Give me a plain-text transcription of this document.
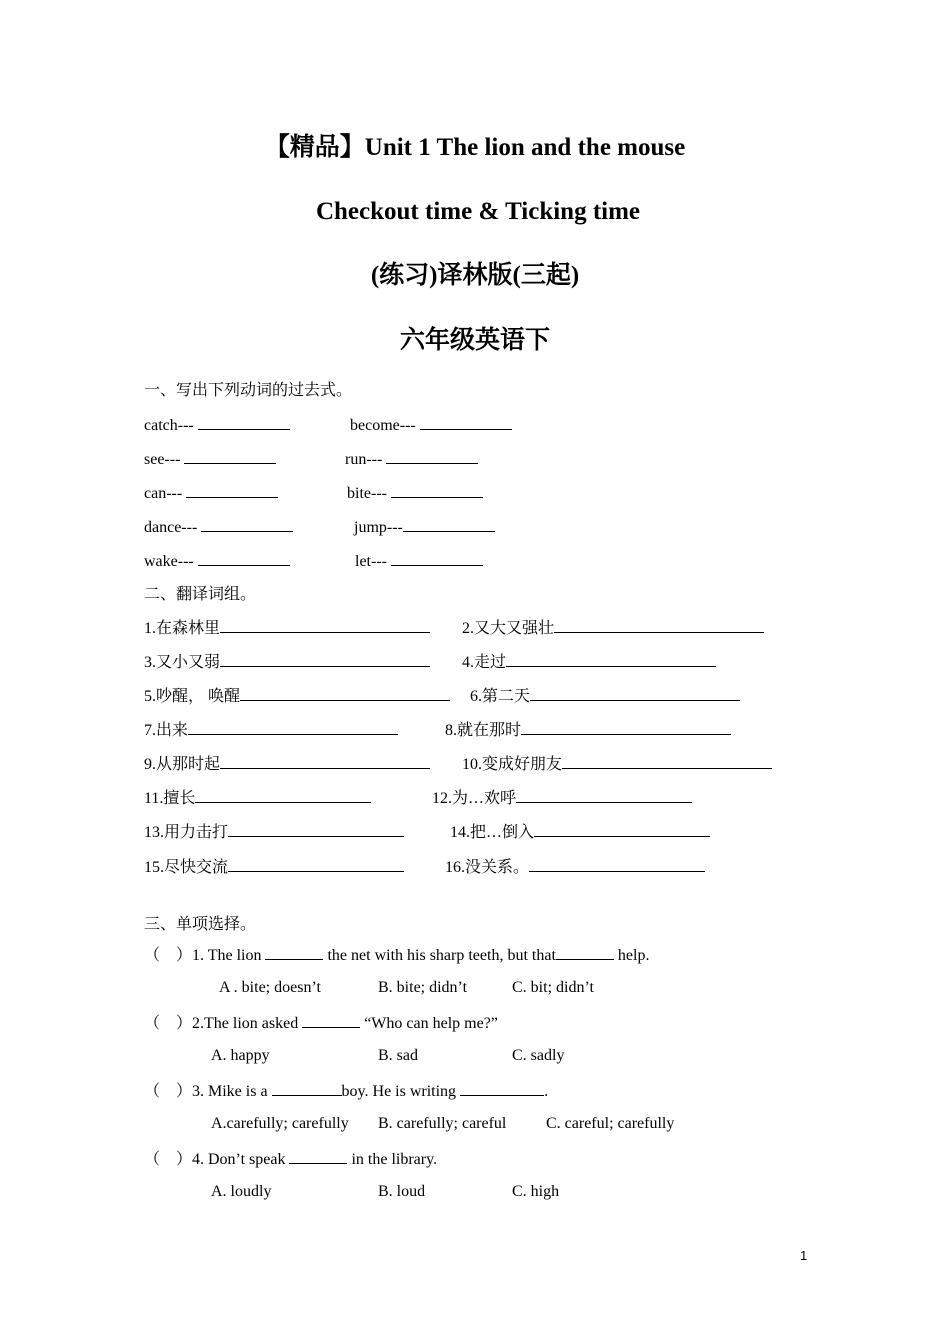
【精品】Unit 1 The lion and the mouse
Checkout time & Ticking time
(练习)译林版(三起)
六年级英语下
一、写出下列动词的过去式。
catch---	become---
see---	run---
can---	bite---
dance---	jump---
wake---	let---
二、翻译词组。
1.在森林里	2.又大又强壮
3.又小又弱	4.走过
5.吵醒， 唤醒	6.第二天
7.出来	8.就在那时
9.从那时起	10.变成好朋友
11.擅长	12.为…欢呼
13.用力击打	14.把…倒入
15.尽快交流	16.没关系。
三、单项选择。
（　）1. The lion	the net with his sharp teeth, but that	help.
A . bite; doesn’t	B. bite; didn’t	C. bit; didn’t
（　）2.The lion asked	“Who can help me?”
A. happy	B. sad	C. sadly
（　）3. Mike is a	boy. He is writing	.
A.carefully; carefully B. carefully; careful C. careful; carefully
（　）4. Don’t speak	in the library.
A. loudly	B. loud	C. high
1
